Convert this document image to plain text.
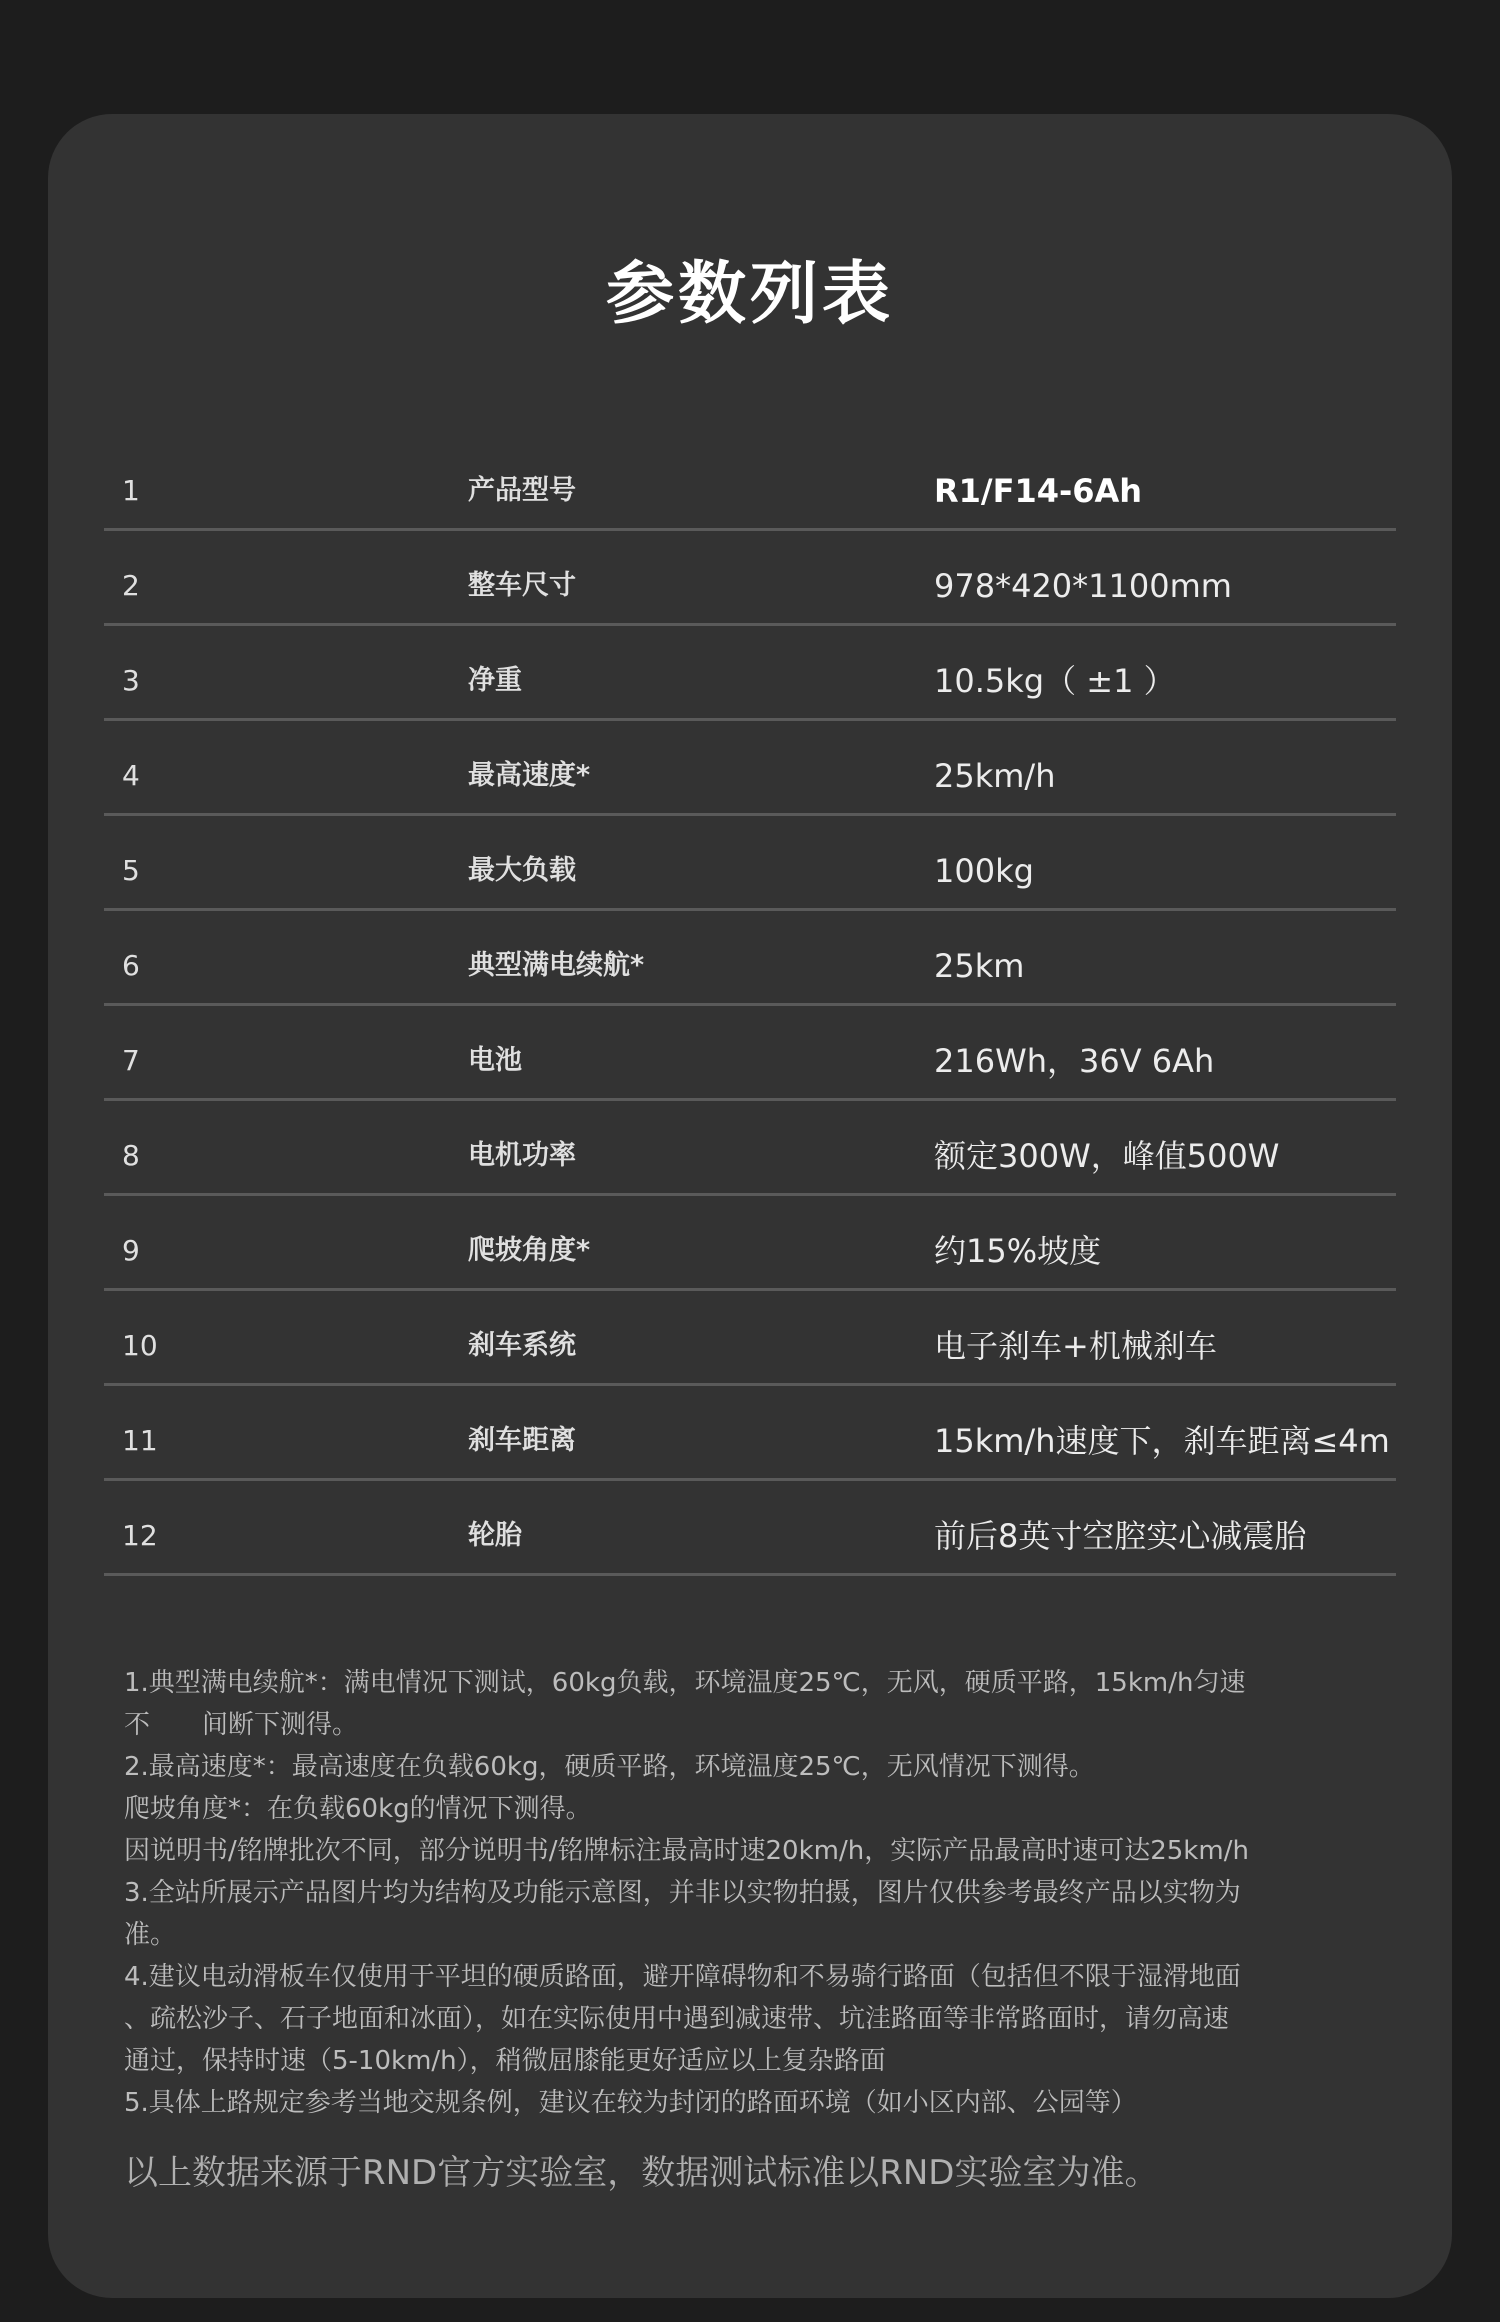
参数列表
1	产品型号	R1/F14-6Ah
2	整车尺寸	978*420*1100mm
3	净重	10.5kg（ ±1 ）
4	最高速度*	25km/h
5	最大负载	100kg
6	典型满电续航*	25km
7	电池	216Wh，36V 6Ah
8	电机功率	额定300W，峰值500W
9	爬坡角度*	约15%坡度
10	刹车系统	电子刹车+机械刹车
11	刹车距离	15km/h速度下，刹车距离≤4m
12	轮胎	前后8英寸空腔实心减震胎
1.典型满电续航*：满电情况下测试，60kg负载，环境温度25℃，无风，硬质平路，15km/h匀速
不　　间断下测得。
2.最高速度*：最高速度在负载60kg，硬质平路，环境温度25℃，无风情况下测得。
爬坡角度*：在负载60kg的情况下测得。
因说明书/铭牌批次不同，部分说明书/铭牌标注最高时速20km/h，实际产品最高时速可达25km/h
3.全站所展示产品图片均为结构及功能示意图，并非以实物拍摄，图片仅供参考最终产品以实物为
准。
4.建议电动滑板车仅使用于平坦的硬质路面，避开障碍物和不易骑行路面（包括但不限于湿滑地面
、疏松沙子、石子地面和冰面），如在实际使用中遇到减速带、坑洼路面等非常路面时，请勿高速
通过，保持时速（5-10km/h），稍微屈膝能更好适应以上复杂路面
5.具体上路规定参考当地交规条例，建议在较为封闭的路面环境（如小区内部、公园等）
以上数据来源于RND官方实验室，数据测试标准以RND实验室为准。
